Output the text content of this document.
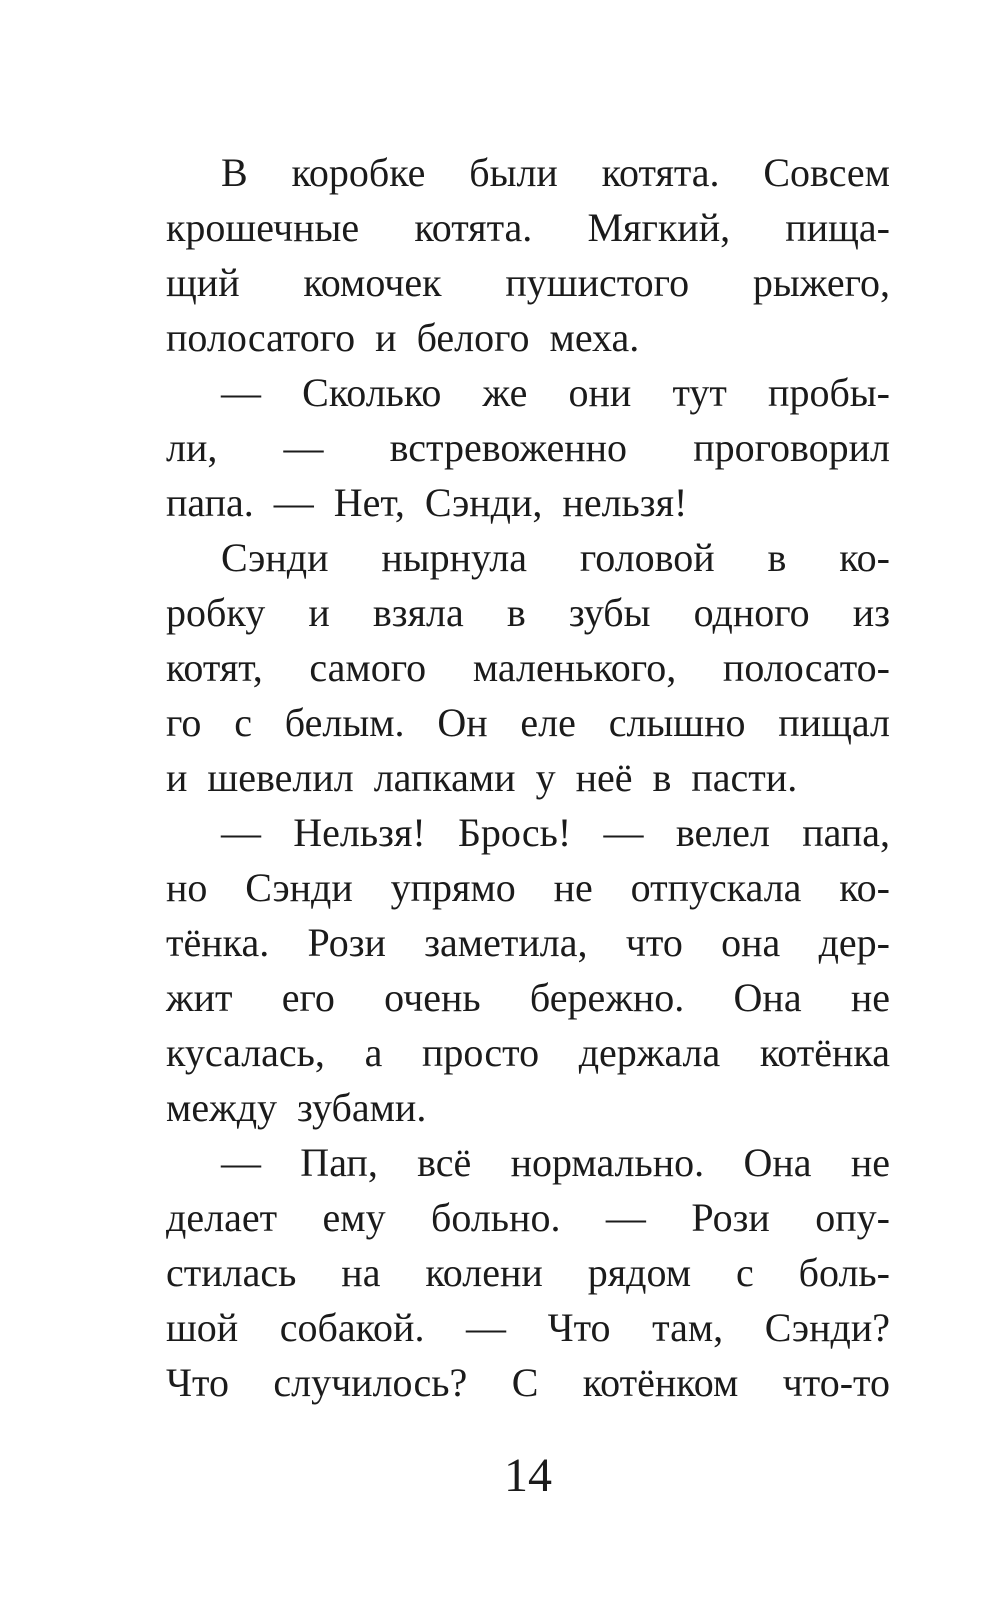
В коробке были котята. Совсем
крошечные котята. Мягкий, пища-
щий комочек пушистого рыжего,
полосатого и белого меха.
— Сколько же они тут пробы-
ли, — встревоженно проговорил
папа. — Нет, Сэнди, нельзя!
Сэнди нырнула головой в ко-
робку и взяла в зубы одного из
котят, самого маленького, полосато-
го с белым. Он еле слышно пищал
и шевелил лапками у неё в пасти.
— Нельзя! Брось! — велел папа,
но Сэнди упрямо не отпускала ко-
тёнка. Рози заметила, что она дер-
жит его очень бережно. Она не
кусалась, а просто держала котёнка
между зубами.
— Пап, всё нормально. Она не
делает ему больно. — Рози опу-
стилась на колени рядом с боль-
шой собакой. — Что там, Сэнди?
Что случилось? С котёнком что-то
14
